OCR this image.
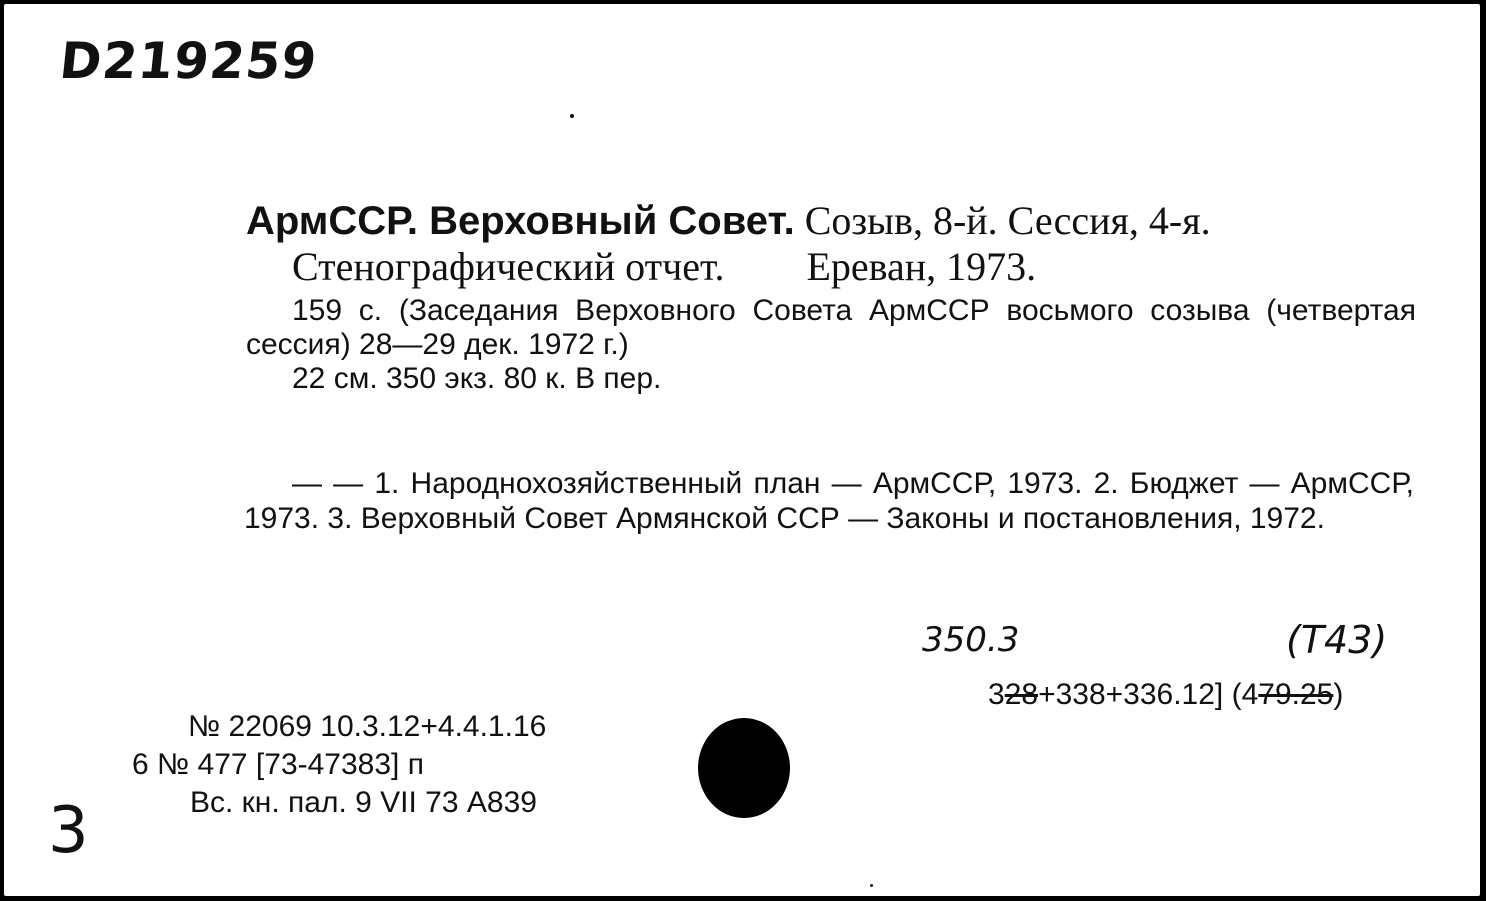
D219259
АрмССР. Верховный Совет. Созыв, 8-й. Сессия, 4-я.
Стенографический отчет. Ереван, 1973.
159 с. (Заседания Верховного Совета АрмССР восьмого созыва (четвертая сессия) 28—29 дек. 1972 г.)
22 см. 350 экз. 80 к. В пер.
— — 1. Народнохозяйственный план — АрмССР, 1973. 2. Бюджет — АрмССР, 1973. 3. Верховный Совет Армянской ССР — Законы и постановления, 1972.
350.3	(Т43)
328+338+336.12] (479.25)
№ 22069 10.3.12+4.4.1.16
6 № 477 [73-47383] п
Вс. кн. пал. 9 VII 73 А839
3
